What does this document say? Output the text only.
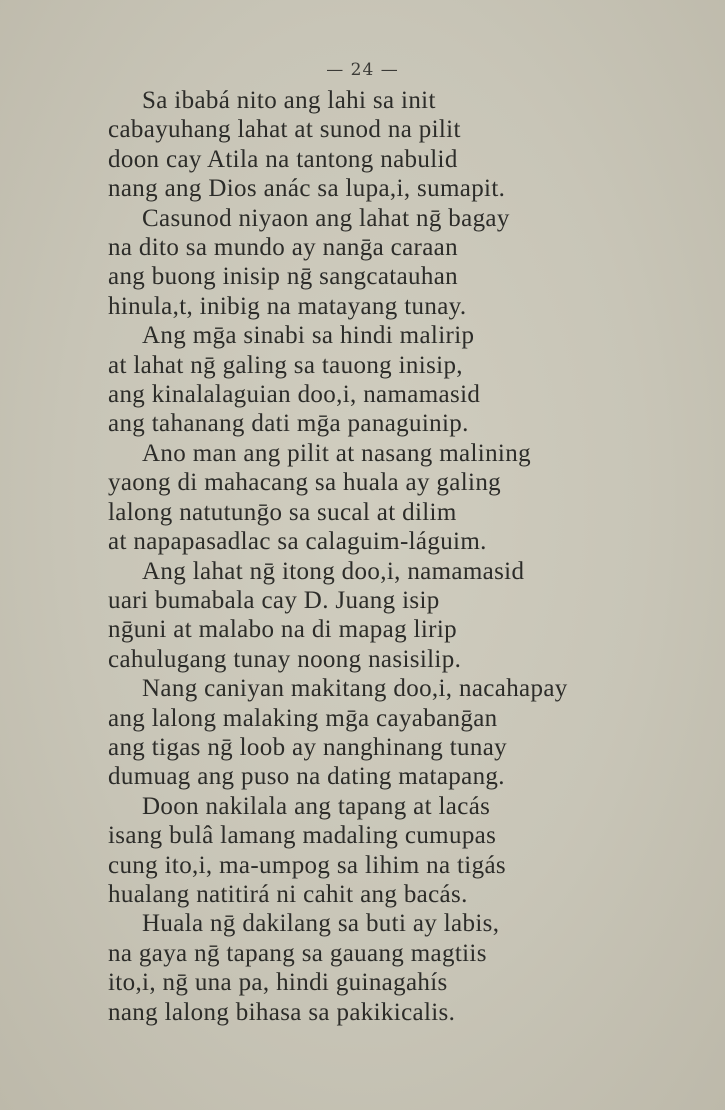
— 24 —
Sa ibabá nito ang lahi sa init
cabayuhang lahat at sunod na pilit
doon cay Atila na tantong nabulid
nang ang Dios anác sa lupa,i, sumapit.
Casunod niyaon ang lahat nḡ bagay
na dito sa mundo ay nanḡa caraan
ang buong inisip nḡ sangcatauhan
hinula,t, inibig na matayang tunay.
Ang mḡa sinabi sa hindi malirip
at lahat nḡ galing sa tauong inisip,
ang kinalalaguian doo,i, namamasid
ang tahanang dati mḡa panaguinip.
Ano man ang pilit at nasang malining
yaong di mahacang sa huala ay galing
lalong natutunḡo sa sucal at dilim
at napapasadlac sa calaguim-láguim.
Ang lahat nḡ itong doo,i, namamasid
uari bumabala cay D. Juang isip
nḡuni at malabo na di mapag lirip
cahulugang tunay noong nasisilip.
Nang caniyan makitang doo,i, nacahapay
ang lalong malaking mḡa cayabanḡan
ang tigas nḡ loob ay nanghinang tunay
dumuag ang puso na dating matapang.
Doon nakilala ang tapang at lacás
isang bulâ lamang madaling cumupas
cung ito,i, ma-umpog sa lihim na tigás
hualang natitirá ni cahit ang bacás.
Huala nḡ dakilang sa buti ay labis,
na gaya nḡ tapang sa gauang magtiis
ito,i, nḡ una pa, hindi guinagahís
nang lalong bihasa sa pakikicalis.
